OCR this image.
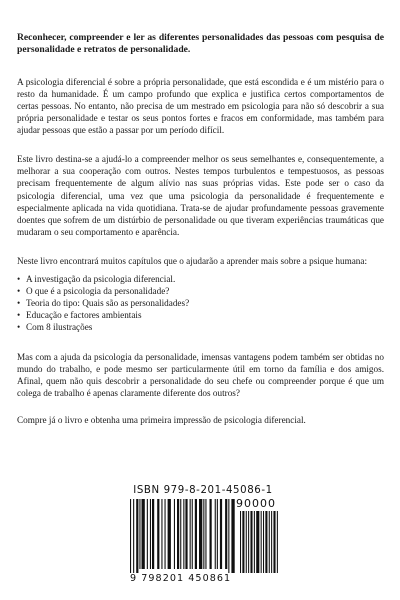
Reconhecer, compreender e ler as diferentes personalidades das pessoas com pesquisa de personalidade e retratos de personalidade.

A psicologia diferencial é sobre a própria personalidade, que está escondida e é um mistério para o resto da humanidade. É um campo profundo que explica e justifica certos comportamentos de certas pessoas. No entanto, não precisa de um mestrado em psicologia para não só descobrir a sua própria personalidade e testar os seus pontos fortes e fracos em conformidade, mas também para ajudar pessoas que estão a passar por um período difícil.

Este livro destina-se a ajudá-lo a compreender melhor os seus semelhantes e, consequentemente, a melhorar a sua cooperação com outros. Nestes tempos turbulentos e tempestuosos, as pessoas precisam frequentemente de algum alívio nas suas próprias vidas. Este pode ser o caso da psicologia diferencial, uma vez que uma psicologia da personalidade é frequentemente e especialmente aplicada na vida quotidiana. Trata-se de ajudar profundamente pessoas gravemente doentes que sofrem de um distúrbio de personalidade ou que tiveram experiências traumáticas que mudaram o seu comportamento e aparência.

Neste livro encontrará muitos capítulos que o ajudarão a aprender mais sobre a psique humana:

• A investigação da psicologia diferencial.
• O que é a psicologia da personalidade?
• Teoria do tipo: Quais são as personalidades?
• Educação e factores ambientais
• Com 8 ilustrações

Mas com a ajuda da psicologia da personalidade, imensas vantagens podem também ser obtidas no mundo do trabalho, e pode mesmo ser particularmente útil em torno da família e dos amigos. Afinal, quem não quis descobrir a personalidade do seu chefe ou compreender porque é que um colega de trabalho é apenas claramente diferente dos outros?

Compre já o livro e obtenha uma primeira impressão de psicologia diferencial.

ISBN 979-8-201-45086-1
90000
9 798201 450861
